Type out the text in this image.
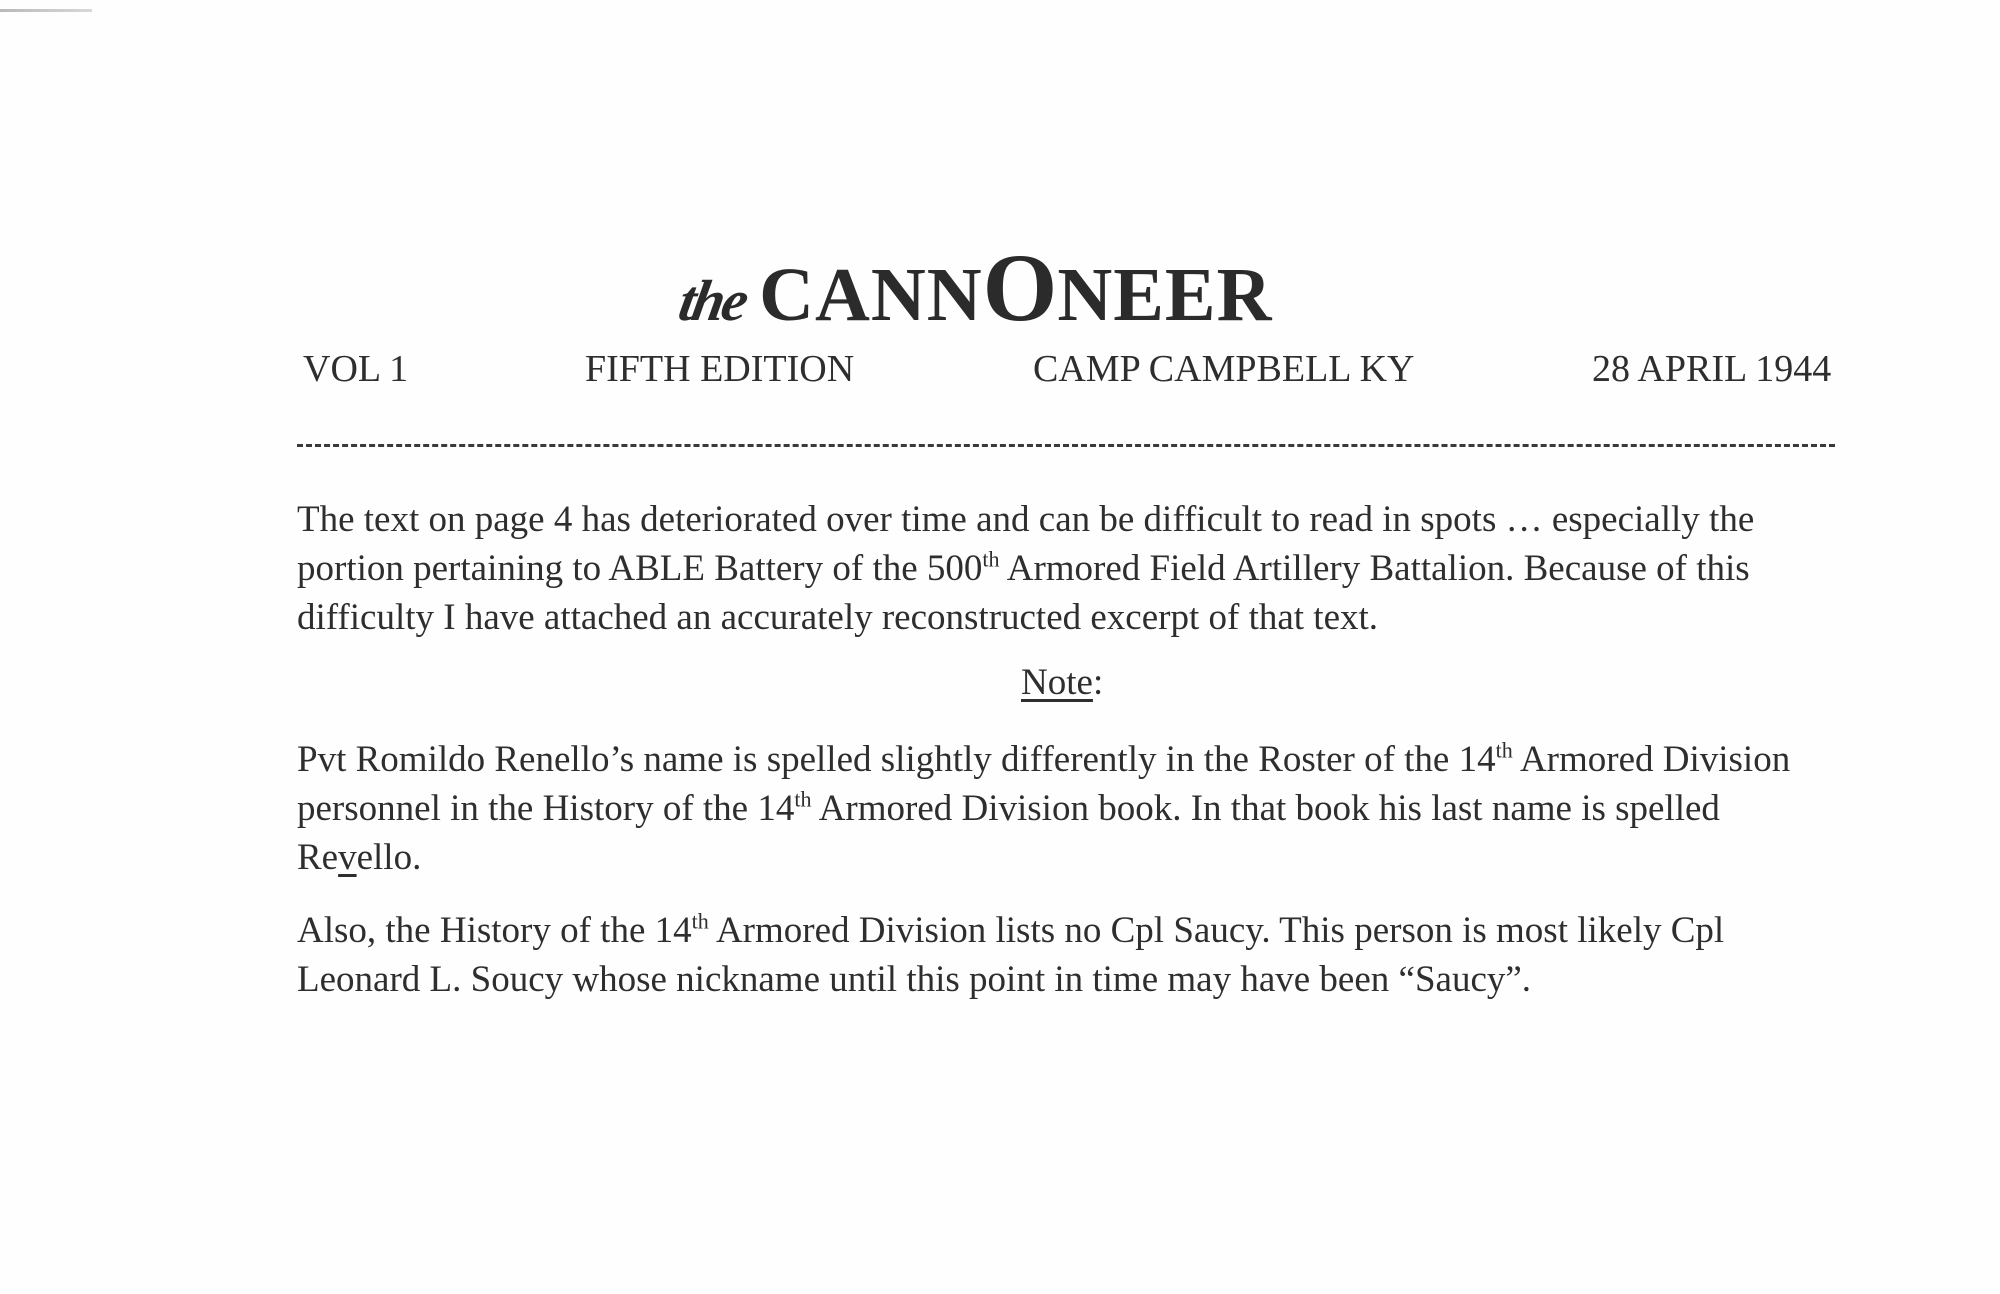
the CANNONEER
VOL 1	FIFTH EDITION	CAMP CAMPBELL KY	28 APRIL 1944

The text on page 4 has deteriorated over time and can be difficult to read in spots … especially the portion pertaining to ABLE Battery of the 500th Armored Field Artillery Battalion. Because of this difficulty I have attached an accurately reconstructed excerpt of that text.

Note:

Pvt Romildo Renello’s name is spelled slightly differently in the Roster of the 14th Armored Division personnel in the History of the 14th Armored Division book. In that book his last name is spelled Revello.

Also, the History of the 14th Armored Division lists no Cpl Saucy. This person is most likely Cpl Leonard L. Soucy whose nickname until this point in time may have been “Saucy”.
